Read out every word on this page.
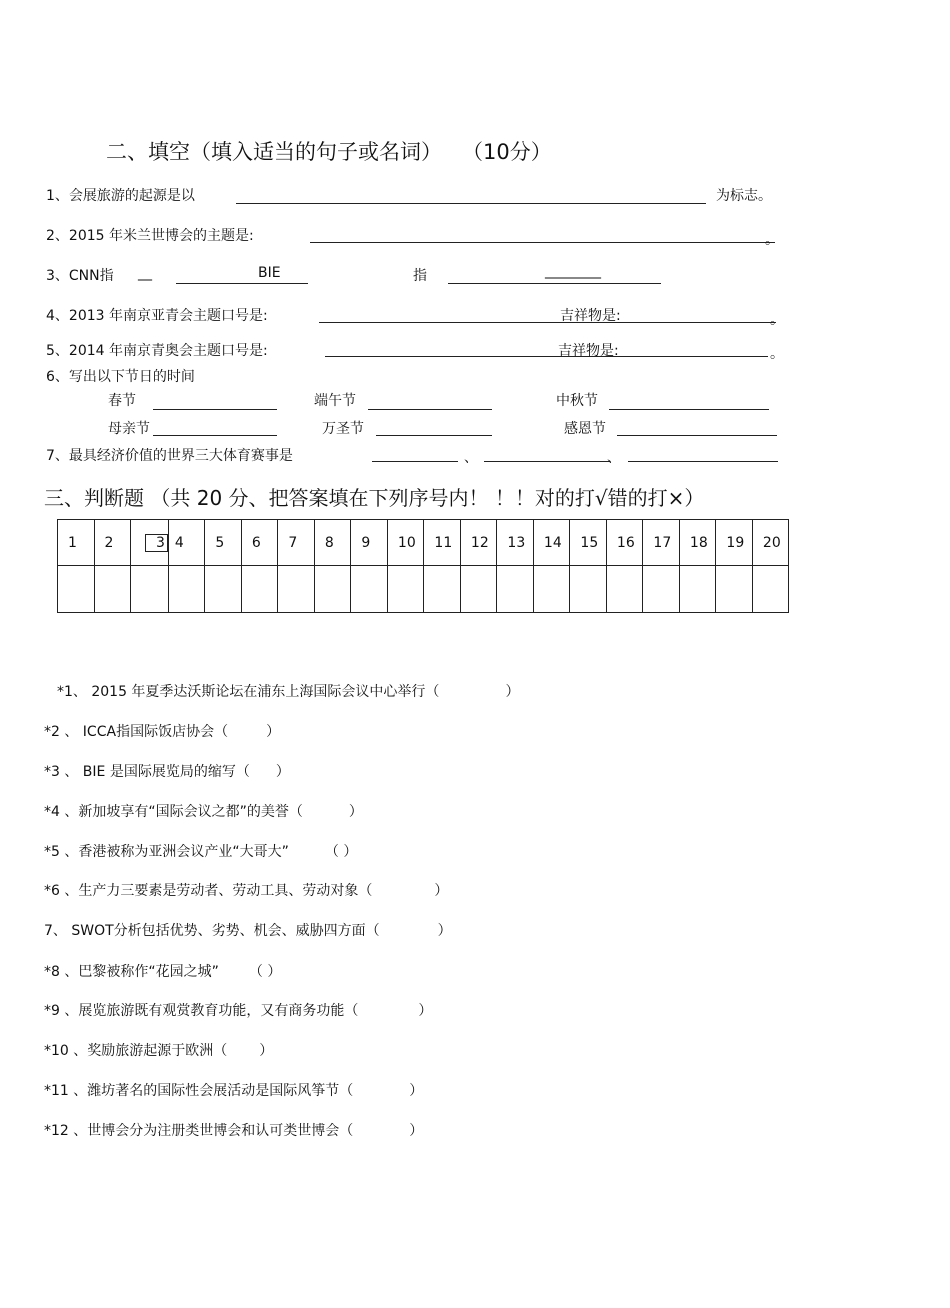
二、填空（填入适当的句子或名词） （10分）
1、会展旅游的起源是以	为标志。
2、2015 年米兰世博会的主题是:	。
3、CNN指 __	BIE	指	________
4、2013 年南京亚青会主题口号是:	吉祥物是:	。
5、2014 年南京青奥会主题口号是:	吉祥物是:	。
6、写出以下节日的时间
春节	端午节	中秋节
母亲节	万圣节	感恩节
7、最具经济价值的世界三大体育赛事是	、	、
三、判断题 （共 20 分、把答案填在下列序号内！ ！！对的打√错的打×）
1	2	3	4	5	6	7	8	9	10	11	12	13	14	15	16	17	18	19	20

*1、 2015 年夏季达沃斯论坛在浦东上海国际会议中心举行（	）
*2 、 ICCA指国际饭店协会（	）
*3 、 BIE 是国际展览局的缩写（ ）
*4 、新加坡享有“国际会议之都”的美誉（	）
*5 、香港被称为亚洲会议产业“大哥大”	（ ）
*6 、生产力三要素是劳动者、劳动工具、劳动对象（	）
7、 SWOT分析包括优势、劣势、机会、威胁四方面（	）
*8 、巴黎被称作“花园之城” （ ）
*9 、展览旅游既有观赏教育功能，又有商务功能（	）
*10 、奖励旅游起源于欧洲（ ）
*11 、潍坊著名的国际性会展活动是国际风筝节（	）
*12 、世博会分为注册类世博会和认可类世博会（	）
